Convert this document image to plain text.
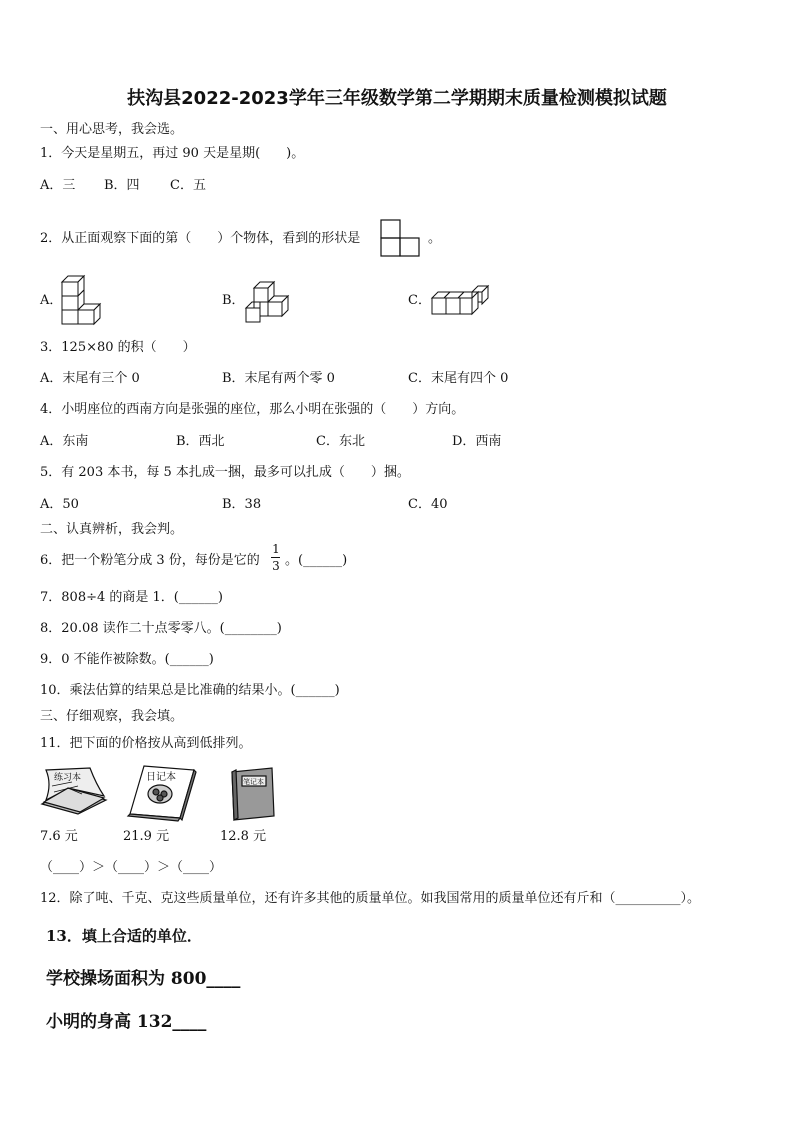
扶沟县2022-2023学年三年级数学第二学期期末质量检测模拟试题
一、用心思考，我会选。
1．今天是星期五，再过 90 天是星期(　　)。
A．三 B．四 C．五
2．从正面观察下面的第（　　）个物体，看到的形状是	。
A．	B．	C．
3．125×80 的积（　　）
A．末尾有三个 0	B．末尾有两个零 0	C．末尾有四个 0
4．小明座位的西南方向是张强的座位，那么小明在张强的（　　）方向。
A．东南	B．西北	C．东北	D．西南
5．有 203 本书，每 5 本扎成一捆，最多可以扎成（　　）捆。
A．50	B．38	C．40
二、认真辨析，我会判。
6．把一个粉笔分成 3 份，每份是它的
1
3 。(______)
7．808÷4 的商是 1．(______)
8．20.08 读作二十点零零八。(________)
9．0 不能作被除数。(______)
10．乘法估算的结果总是比准确的结果小。(______)
三、仔细观察，我会填。
11．把下面的价格按从高到低排列。
练习本	日记本	笔记本
7.6 元	21.9 元	12.8 元
（____）＞（____）＞（____）
12．除了吨、千克、克这些质量单位，还有许多其他的质量单位。如我国常用的质量单位还有斤和（__________）。
13．填上合适的单位．
学校操场面积为 800____
小明的身高 132____
